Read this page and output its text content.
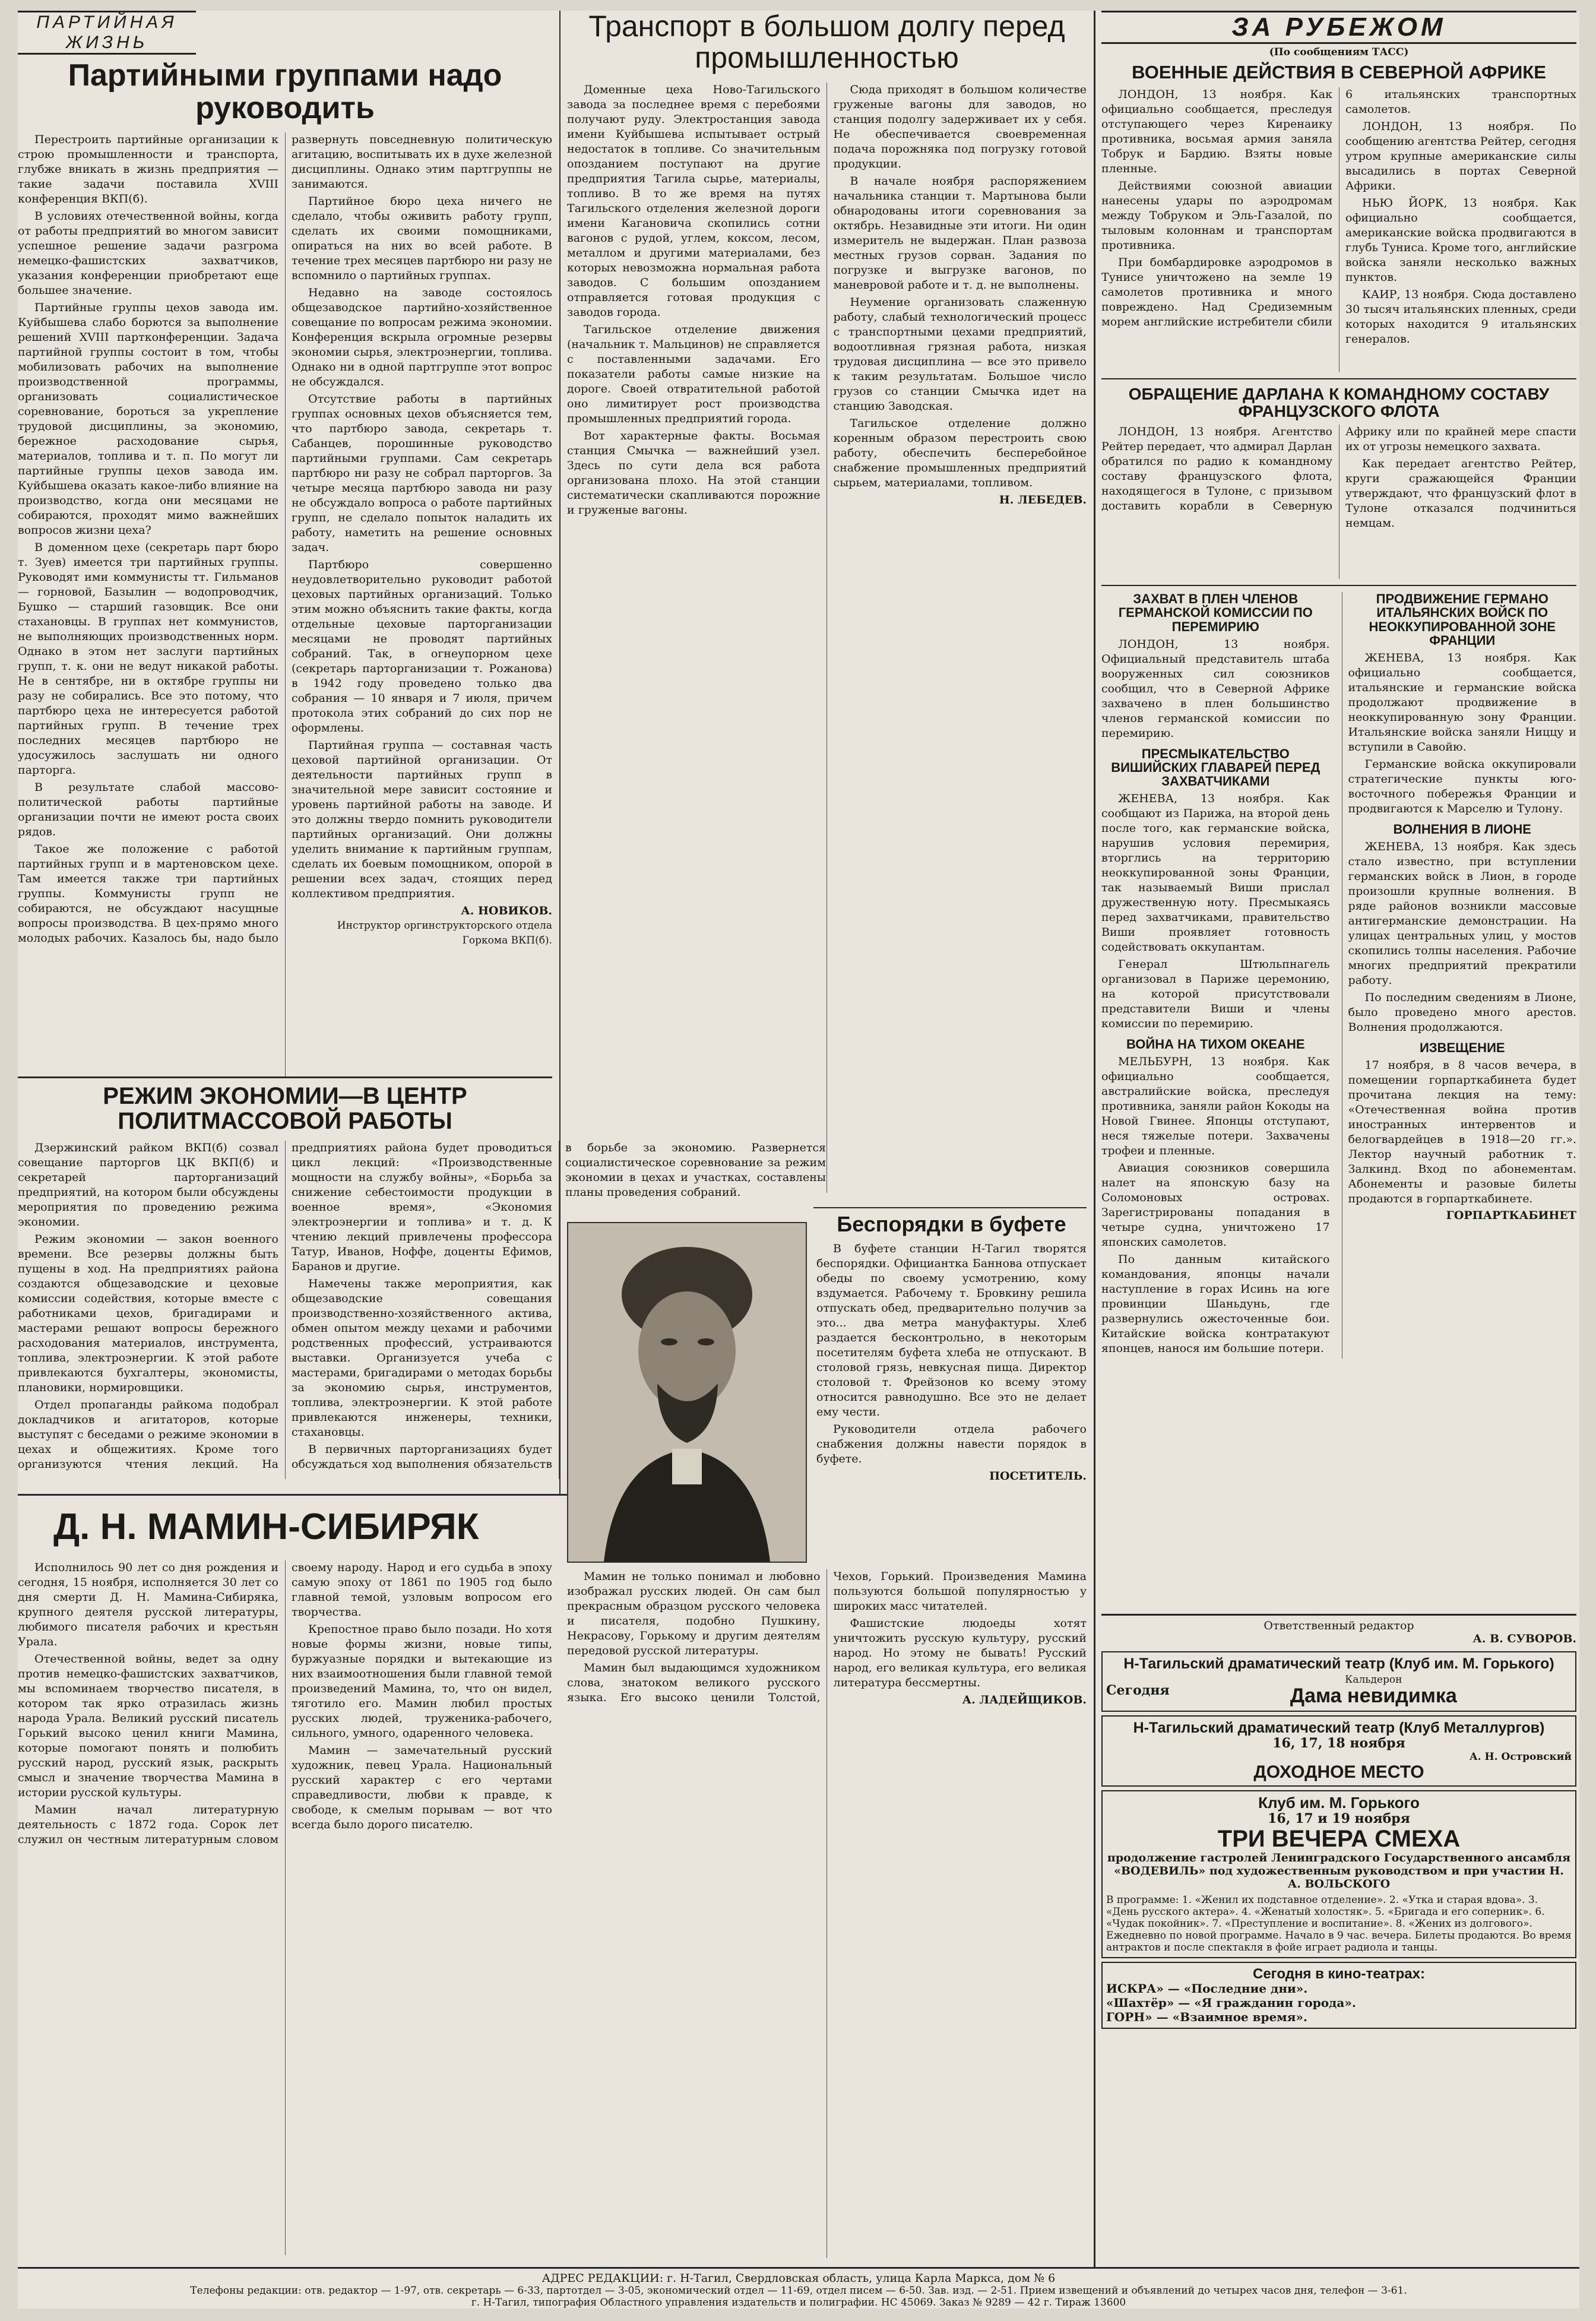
ПАРТИЙНАЯ ЖИЗНЬ
Партийными группами надо руководить

Перестроить партийные организации к строю промышленности и транспорта, глубже вникать в жизнь предприятия — такие задачи поставила XVIII конференция ВКП(б).

В условиях отечественной войны, когда от работы предприятий во многом зависит успешное решение задачи разгрома немецко-фашистских захватчиков, указания конференции приобретают еще большее значение.

Партийные группы цехов завода им. Куйбышева слабо борются за выполнение решений XVIII партконференции. Задача партийной группы состоит в том, чтобы мобилизовать рабочих на выполнение производственной программы, организовать социалистическое соревнование, бороться за укрепление трудовой дисциплины, за экономию, бережное расходование сырья, материалов, топлива и т. п. По могут ли партийные группы цехов завода им. Куйбышева оказать какое-либо влияние на производство, когда они месяцами не собираются, проходят мимо важнейших вопросов жизни цеха?

В доменном цехе (секретарь парт бюро т. Зуев) имеется три партийных группы. Руководят ими коммунисты тт. Гильманов — горновой, Базылин — водопроводчик, Бушко — старший газовщик. Все они стахановцы. В группах нет коммунистов, не выполняющих производственных норм. Однако в этом нет заслуги партийных групп, т. к. они не ведут никакой работы. Не в сентябре, ни в октябре группы ни разу не собирались. Все это потому, что партбюро цеха не интересуется работой партийных групп. В течение трех последних месяцев партбюро не удосужилось заслушать ни одного парторга.

В результате слабой массово-политической работы партийные организации почти не имеют роста своих рядов.

Такое же положение с работой партийных групп и в мартеновском цехе. Там имеется также три партийных группы. Коммунисты групп не собираются, не обсуждают насущные вопросы производства. В цех-прямо много молодых рабочих. Казалось бы, надо было развернуть повседневную политическую агитацию, воспитывать их в духе железной дисциплины. Однако этим партгруппы не занимаются.

Партийное бюро цеха ничего не сделало, чтобы оживить работу групп, сделать их своими помощниками, опираться на них во всей работе. В течение трех месяцев партбюро ни разу не вспомнило о партийных группах.

Недавно на заводе состоялось общезаводское партийно-хозяйственное совещание по вопросам режима экономии. Конференция вскрыла огромные резервы экономии сырья, электроэнергии, топлива. Однако ни в одной партгруппе этот вопрос не обсуждался.

Отсутствие работы в партийных группах основных цехов объясняется тем, что партбюро завода, секретарь т. Сабанцев, порошинные руководство партийными группами. Сам секретарь партбюро ни разу не собрал парторгов. За четыре месяца партбюро завода ни разу не обсуждало вопроса о работе партийных групп, не сделало попыток наладить их работу, наметить на решение основных задач.

Партбюро совершенно неудовлетворительно руководит работой цеховых партийных организаций. Только этим можно объяснить такие факты, когда отдельные цеховые парторганизации месяцами не проводят партийных собраний. Так, в огнеупорном цехе (секретарь парторганизации т. Рожанова) в 1942 году проведено только два собрания — 10 января и 7 июля, причем протокола этих собраний до сих пор не оформлены.

Партийная группа — составная часть цеховой партийной организации. От деятельности партийных групп в значительной мере зависит состояние и уровень партийной работы на заводе. И это должны твердо помнить руководители партийных организаций. Они должны уделить внимание к партийным группам, сделать их боевым помощником, опорой в решении всех задач, стоящих перед коллективом предприятия.

А. НОВИКОВ.
Инструктор оргинструкторского отдела Горкома ВКП(б).
РЕЖИМ ЭКОНОМИИ—В ЦЕНТР ПОЛИТМАССОВОЙ РАБОТЫ

Дзержинский райком ВКП(б) созвал совещание парторгов ЦК ВКП(б) и секретарей парторганизаций предприятий, на котором были обсуждены мероприятия по проведению режима экономии.

Режим экономии — закон военного времени. Все резервы должны быть пущены в ход. На предприятиях района создаются общезаводские и цеховые комиссии содействия, которые вместе с работниками цехов, бригадирами и мастерами решают вопросы бережного расходования материалов, инструмента, топлива, электроэнергии. К этой работе привлекаются бухгалтеры, экономисты, плановики, нормировщики.

Отдел пропаганды райкома подобрал докладчиков и агитаторов, которые выступят с беседами о режиме экономии в цехах и общежитиях. Кроме того организуются чтения лекций. На предприятиях района будет проводиться цикл лекций: «Производственные мощности на службу войны», «Борьба за снижение себестоимости продукции в военное время», «Экономия электроэнергии и топлива» и т. д. К чтению лекций привлечены профессора Татур, Иванов, Ноффе, доценты Ефимов, Баранов и другие.

Намечены также мероприятия, как общезаводские совещания производственно-хозяйственного актива, обмен опытом между цехами и рабочими родственных профессий, устраиваются выставки. Организуется учеба с мастерами, бригадирами о методах борьбы за экономию сырья, инструментов, топлива, электроэнергии. К этой работе привлекаются инженеры, техники, стахановцы.

В первичных парторганизациях будет обсуждаться ход выполнения обязательств в борьбе за экономию. Развернется социалистическое соревнование за режим экономии в цехах и участках, составлены планы проведения собраний.

Транспорт в большом долгу перед промышленностью

Доменные цеха Ново-Тагильского завода за последнее время с перебоями получают руду. Электростанция завода имени Куйбышева испытывает острый недостаток в топливе. Со значительным опозданием поступают на другие предприятия Тагила сырье, материалы, топливо. В то же время на путях Тагильского отделения железной дороги имени Кагановича скопились сотни вагонов с рудой, углем, коксом, лесом, металлом и другими материалами, без которых невозможна нормальная работа заводов. С большим опозданием отправляется готовая продукция с заводов города.

Тагильское отделение движения (начальник т. Мальцинов) не справляется с поставленными задачами. Его показатели работы самые низкие на дороге. Своей отвратительной работой оно лимитирует рост производства промышленных предприятий города.

Вот характерные факты. Восьмая станция Смычка — важнейший узел. Здесь по сути дела вся работа организована плохо. На этой станции систематически скапливаются порожние и груженые вагоны.

Сюда приходят в большом количестве груженые вагоны для заводов, но станция подолгу задерживает их у себя. Не обеспечивается своевременная подача порожняка под погрузку готовой продукции.

В начале ноября распоряжением начальника станции т. Мартынова были обнародованы итоги соревнования за октябрь. Незавидные эти итоги. Ни один измеритель не выдержан. План развоза местных грузов сорван. Задания по погрузке и выгрузке вагонов, по маневровой работе и т. д. не выполнены.

Неумение организовать слаженную работу, слабый технологический процесс с транспортными цехами предприятий, водоотливная грязная работа, низкая трудовая дисциплина — все это привело к таким результатам. Большое число грузов со станции Смычка идет на станцию Заводская.

Тагильское отделение должно коренным образом перестроить свою работу, обеспечить бесперебойное снабжение промышленных предприятий сырьем, материалами, топливом.

Н. ЛЕБЕДЕВ.
Беспорядки в буфете

В буфете станции Н-Тагил творятся беспорядки. Официантка Баннова отпускает обеды по своему усмотрению, кому вздумается. Рабочему т. Бровкину решила отпускать обед, предварительно получив за это... два метра мануфактуры. Хлеб раздается бесконтрольно, в некоторым посетителям буфета хлеба не отпускают. В столовой грязь, невкусная пища. Директор столовой т. Фрейзонов ко всему этому относится равнодушно. Все это не делает ему чести.

Руководители отдела рабочего снабжения должны навести порядок в буфете.

ПОСЕТИТЕЛЬ.
Д. Н. МАМИН-СИБИРЯК

Исполнилось 90 лет со дня рождения и сегодня, 15 ноября, исполняется 30 лет со дня смерти Д. Н. Мамина-Сибиряка, крупного деятеля русской литературы, любимого писателя рабочих и крестьян Урала.

Отечественной войны, ведет за одну против немецко-фашистских захватчиков, мы вспоминаем творчество писателя, в котором так ярко отразилась жизнь народа Урала. Великий русский писатель Горький высоко ценил книги Мамина, которые помогают понять и полюбить русский народ, русский язык, раскрыть смысл и значение творчества Мамина в истории русской культуры.

Мамин начал литературную деятельность с 1872 года. Сорок лет служил он честным литературным словом своему народу. Народ и его судьба в эпоху самую эпоху от 1861 по 1905 год было главной темой, узловым вопросом его творчества.

Крепостное право было позади. Но хотя новые формы жизни, новые типы, буржуазные порядки и вытекающие из них взаимоотношения были главной темой произведений Мамина, то, что он видел, тяготило его. Мамин любил простых русских людей, труженика-рабочего, сильного, умного, одаренного человека.

Мамин — замечательный русский художник, певец Урала. Национальный русский характер с его чертами справедливости, любви к правде, к свободе, к смелым порывам — вот что всегда было дорого писателю.

Мамин не только понимал и любовно изображал русских людей. Он сам был прекрасным образцом русского человека и писателя, подобно Пушкину, Некрасову, Горькому и другим деятелям передовой русской литературы.

Мамин был выдающимся художником слова, знатоком великого русского языка. Его высоко ценили Толстой, Чехов, Горький. Произведения Мамина пользуются большой популярностью у широких масс читателей.

Фашистские людоеды хотят уничтожить русскую культуру, русский народ. Но этому не бывать! Русский народ, его великая культура, его великая литература бессмертны.

А. ЛАДЕЙЩИКОВ.
ЗА РУБЕЖОМ
(По сообщениям ТАСС)
ВОЕННЫЕ ДЕЙСТВИЯ В СЕВЕРНОЙ АФРИКЕ

ЛОНДОН, 13 ноября. Как официально сообщается, преследуя отступающего через Киренаику противника, восьмая армия заняла Тобрук и Бардию. Взяты новые пленные.

Действиями союзной авиации нанесены удары по аэродромам между Тобруком и Эль-Газалой, по тыловым колоннам и транспортам противника.

При бомбардировке аэродромов в Тунисе уничтожено на земле 19 самолетов противника и много повреждено. Над Средиземным морем английские истребители сбили 6 итальянских транспортных самолетов.

ЛОНДОН, 13 ноября. По сообщению агентства Рейтер, сегодня утром крупные американские силы высадились в портах Северной Африки.

НЬЮ ЙОРК, 13 ноября. Как официально сообщается, американские войска продвигаются в глубь Туниса. Кроме того, английские войска заняли несколько важных пунктов.

КАИР, 13 ноября. Сюда доставлено 30 тысяч итальянских пленных, среди которых находится 9 итальянских генералов.

ОБРАЩЕНИЕ ДАРЛАНА К КОМАНДНОМУ СОСТАВУ ФРАНЦУЗСКОГО ФЛОТА

ЛОНДОН, 13 ноября. Агентство Рейтер передает, что адмирал Дарлан обратился по радио к командному составу французского флота, находящегося в Тулоне, с призывом доставить корабли в Северную Африку или по крайней мере спасти их от угрозы немецкого захвата.

Как передает агентство Рейтер, круги сражающейся Франции утверждают, что французский флот в Тулоне отказался подчиниться немцам.

ЗАХВАТ В ПЛЕН ЧЛЕНОВ ГЕРМАНСКОЙ КОМИССИИ ПО ПЕРЕМИРИЮ

ЛОНДОН, 13 ноября. Официальный представитель штаба вооруженных сил союзников сообщил, что в Северной Африке захвачено в плен большинство членов германской комиссии по перемирию.

ПРЕСМЫКАТЕЛЬСТВО ВИШИЙСКИХ ГЛАВАРЕЙ ПЕРЕД ЗАХВАТЧИКАМИ

ЖЕНЕВА, 13 ноября. Как сообщают из Парижа, на второй день после того, как германские войска, нарушив условия перемирия, вторглись на территорию неоккупированной зоны Франции, так называемый Виши прислал дружественную ноту. Пресмыкаясь перед захватчиками, правительство Виши проявляет готовность содействовать оккупантам.

Генерал Штюльпнагель организовал в Париже церемонию, на которой присутствовали представители Виши и члены комиссии по перемирию.

ВОЙНА НА ТИХОМ ОКЕАНЕ

МЕЛЬБУРН, 13 ноября. Как официально сообщается, австралийские войска, преследуя противника, заняли район Кокоды на Новой Гвинее. Японцы отступают, неся тяжелые потери. Захвачены трофеи и пленные.

Авиация союзников совершила налет на японскую базу на Соломоновых островах. Зарегистрированы попадания в четыре судна, уничтожено 17 японских самолетов.

По данным китайского командования, японцы начали наступление в горах Исинь на юге провинции Шаньдунь, где развернулись ожесточенные бои. Китайские войска контратакуют японцев, нанося им большие потери.

ПРОДВИЖЕНИЕ ГЕРМАНО ИТАЛЬЯНСКИХ ВОЙСК ПО НЕОККУПИРОВАННОЙ ЗОНЕ ФРАНЦИИ

ЖЕНЕВА, 13 ноября. Как официально сообщается, итальянские и германские войска продолжают продвижение в неоккупированную зону Франции. Итальянские войска заняли Ниццу и вступили в Савойю.

Германские войска оккупировали стратегические пункты юго-восточного побережья Франции и продвигаются к Марселю и Тулону.

ВОЛНЕНИЯ В ЛИОНЕ

ЖЕНЕВА, 13 ноября. Как здесь стало известно, при вступлении германских войск в Лион, в городе произошли крупные волнения. В ряде районов возникли массовые антигерманские демонстрации. На улицах центральных улиц, у мостов скопились толпы населения. Рабочие многих предприятий прекратили работу.

По последним сведениям в Лионе, было проведено много арестов. Волнения продолжаются.

ИЗВЕЩЕНИЕ

17 ноября, в 8 часов вечера, в помещении горпарткабинета будет прочитана лекция на тему: «Отечественная война против иностранных интервентов и белогвардейцев в 1918—20 гг.». Лектор научный работник т. Залкинд. Вход по абонементам. Абонементы и разовые билеты продаются в горпарткабинете.

ГОРПАРТКАБИНЕТ
Ответственный редактор
А. В. СУВОРОВ.
Н-Тагильский драматический театр (Клуб им. М. Горького)
Сегодня
Кальдерон
Дама невидимка
Н-Тагильский драматический театр (Клуб Металлургов)
16, 17, 18 ноября
А. Н. Островский
ДОХОДНОЕ МЕСТО
Клуб им. М. Горького
16, 17 и 19 ноября
ТРИ ВЕЧЕРА СМЕХА
продолжение гастролей Ленинградского Государственного ансамбля «ВОДЕВИЛЬ» под художественным руководством и при участии Н. А. ВОЛЬСКОГО
В программе: 1. «Женил их подставное отделение». 2. «Утка и старая вдова». 3. «День русского актера». 4. «Женатый холостяк». 5. «Бригада и его соперник». 6. «Чудак покойник». 7. «Преступление и воспитание». 8. «Жених из долгового». Ежедневно по новой программе. Начало в 9 час. вечера. Билеты продаются. Во время антрактов и после спектакля в фойе играет радиола и танцы.
Сегодня в кино-театрах:
ИСКРА» — «Последние дни».
«Шахтёр» — «Я гражданин города».
ГОРН» — «Взаимное время».
АДРЕС РЕДАКЦИИ: г. Н-Тагил, Свердловская область, улица Карла Маркса, дом № 6
Телефоны редакции: отв. редактор — 1-97, отв. секретарь — 6-33, партотдел — 3-05, экономический отдел — 11-69, отдел писем — 6-50. Зав. изд. — 2-51. Прием извещений и объявлений до четырех часов дня, телефон — 3-61.
г. Н-Тагил, типография Областного управления издательств и полиграфии. НС 45069. Заказ № 9289 — 42 г. Тираж 13600
